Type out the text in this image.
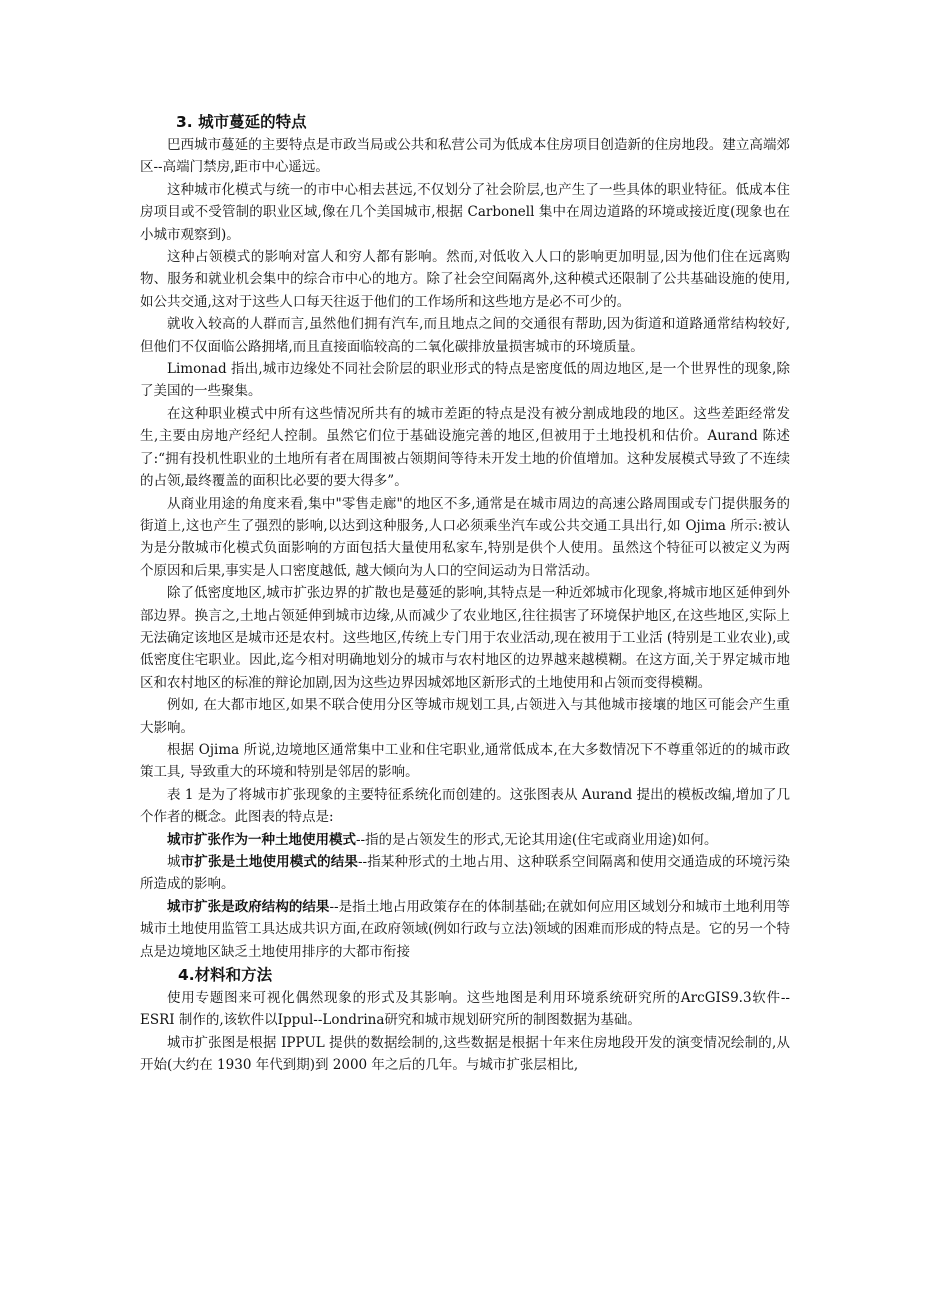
3. 城市蔓延的特点

巴西城市蔓延的主要特点是市政当局或公共和私营公司为低成本住房项目创造新的住房地段。建立高端郊区--高端门禁房,距市中心遥远。

这种城市化模式与统一的市中心相去甚远,不仅划分了社会阶层,也产生了一些具体的职业特征。低成本住房项目或不受管制的职业区域,像在几个美国城市,根据 Carbonell 集中在周边道路的环境或接近度(现象也在小城市观察到)。

这种占领模式的影响对富人和穷人都有影响。然而,对低收入人口的影响更加明显,因为他们住在远离购物、服务和就业机会集中的综合市中心的地方。除了社会空间隔离外,这种模式还限制了公共基础设施的使用,如公共交通,这对于这些人口每天往返于他们的工作场所和这些地方是必不可少的。

就收入较高的人群而言,虽然他们拥有汽车,而且地点之间的交通很有帮助,因为街道和道路通常结构较好,但他们不仅面临公路拥堵,而且直接面临较高的二氧化碳排放量损害城市的环境质量。

Limonad 指出,城市边缘处不同社会阶层的职业形式的特点是密度低的周边地区,是一个世界性的现象,除了美国的一些聚集。

在这种职业模式中所有这些情况所共有的城市差距的特点是没有被分割成地段的地区。这些差距经常发生,主要由房地产经纪人控制。虽然它们位于基础设施完善的地区,但被用于土地投机和估价。Aurand 陈述了:“拥有投机性职业的土地所有者在周围被占领期间等待未开发土地的价值增加。这种发展模式导致了不连续的占领,最终覆盖的面积比必要的要大得多”。

从商业用途的角度来看,集中"零售走廊"的地区不多,通常是在城市周边的高速公路周围或专门提供服务的街道上,这也产生了强烈的影响,以达到这种服务,人口必须乘坐汽车或公共交通工具出行,如 Ojima 所示:被认为是分散城市化模式负面影响的方面包括大量使用私家车,特别是供个人使用。虽然这个特征可以被定义为两个原因和后果,事实是人口密度越低, 越大倾向为人口的空间运动为日常活动。

除了低密度地区,城市扩张边界的扩散也是蔓延的影响,其特点是一种近郊城市化现象,将城市地区延伸到外部边界。换言之,土地占领延伸到城市边缘,从而减少了农业地区,往往损害了环境保护地区,在这些地区,实际上无法确定该地区是城市还是农村。这些地区,传统上专门用于农业活动,现在被用于工业活 (特别是工业农业),或低密度住宅职业。因此,迄今相对明确地划分的城市与农村地区的边界越来越模糊。在这方面,关于界定城市地区和农村地区的标准的辩论加剧,因为这些边界因城郊地区新形式的土地使用和占领而变得模糊。

例如, 在大都市地区,如果不联合使用分区等城市规划工具,占领进入与其他城市接壤的地区可能会产生重大影响。

根据 Ojima 所说,边境地区通常集中工业和住宅职业,通常低成本,在大多数情况下不尊重邻近的的城市政策工具, 导致重大的环境和特别是邻居的影响。

表 1 是为了将城市扩张现象的主要特征系统化而创建的。这张图表从 Aurand 提出的模板改编,增加了几个作者的概念。此图表的特点是:

城市扩张作为一种土地使用模式--指的是占领发生的形式,无论其用途(住宅或商业用途)如何。

城市扩张是土地使用模式的结果--指某种形式的土地占用、这种联系空间隔离和使用交通造成的环境污染所造成的影响。

城市扩张是政府结构的结果--是指土地占用政策存在的体制基础;在就如何应用区域划分和城市土地利用等城市土地使用监管工具达成共识方面,在政府领域(例如行政与立法)领域的困难而形成的特点是。它的另一个特点是边境地区缺乏土地使用排序的大都市衔接

4.材料和方法

使用专题图来可视化偶然现象的形式及其影响。这些地图是利用环境系统研究所的ArcGIS9.3软件--ESRI 制作的,该软件以Ippul--Londrina研究和城市规划研究所的制图数据为基础。

城市扩张图是根据 IPPUL 提供的数据绘制的,这些数据是根据十年来住房地段开发的演变情况绘制的,从开始(大约在 1930 年代到期)到 2000 年之后的几年。与城市扩张层相比,
